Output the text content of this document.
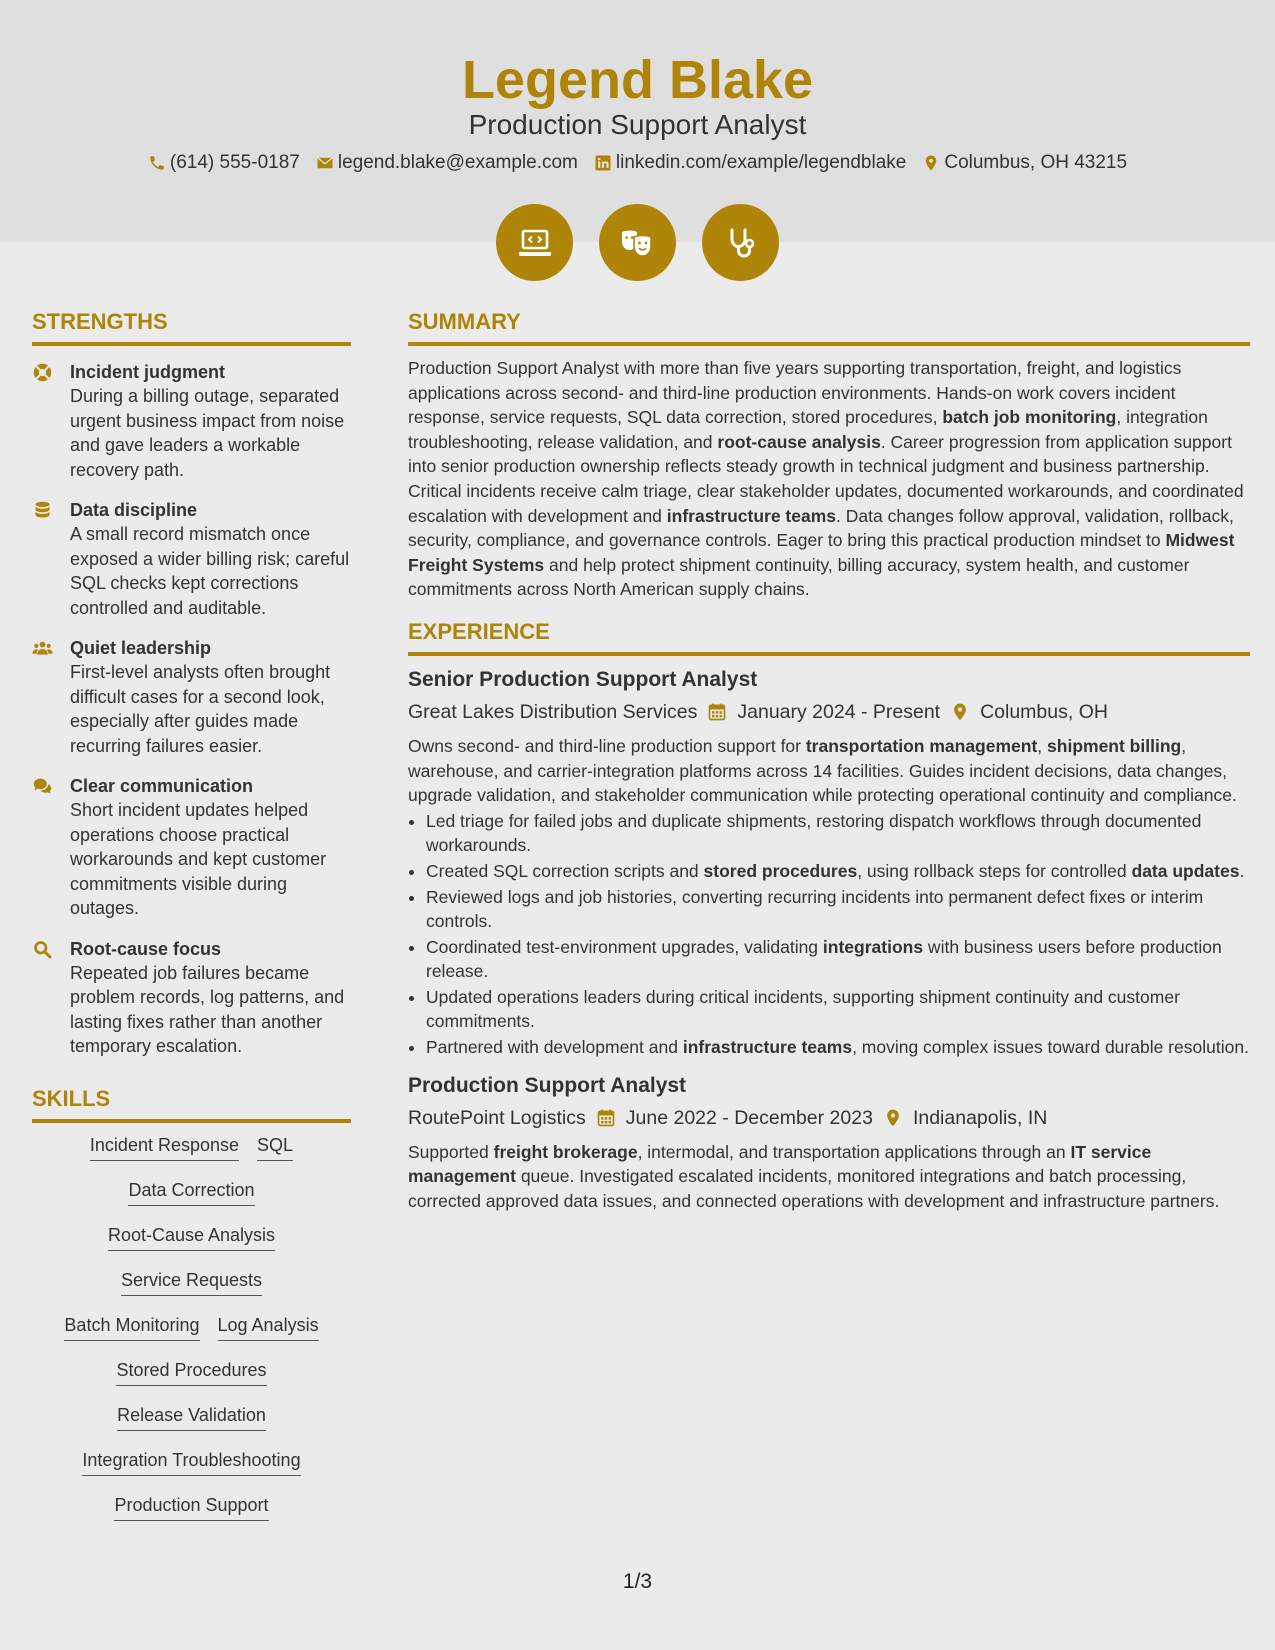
Legend Blake
Production Support Analyst
(614) 555-0187 legend.blake@example.com linkedin.com/example/legendblake Columbus, OH 43215
STRENGTHS
Incident judgment
During a billing outage, separated urgent business impact from noise and gave leaders a workable recovery path.
Data discipline
A small record mismatch once exposed a wider billing risk; careful SQL checks kept corrections controlled and auditable.
Quiet leadership
First-level analysts often brought difficult cases for a second look, especially after guides made recurring failures easier.
Clear communication
Short incident updates helped operations choose practical workarounds and kept customer commitments visible during outages.
Root-cause focus
Repeated job failures became problem records, log patterns, and lasting fixes rather than another temporary escalation.
SKILLS
Incident Response SQL
Data Correction
Root-Cause Analysis
Service Requests
Batch Monitoring Log Analysis
Stored Procedures
Release Validation
Integration Troubleshooting
Production Support
SUMMARY

Production Support Analyst with more than five years supporting transportation, freight, and logistics applications across second- and third-line production environments. Hands-on work covers incident response, service requests, SQL data correction, stored procedures, batch job monitoring, integration troubleshooting, release validation, and root-cause analysis. Career progression from application support into senior production ownership reflects steady growth in technical judgment and business partnership. Critical incidents receive calm triage, clear stakeholder updates, documented workarounds, and coordinated escalation with development and infrastructure teams. Data changes follow approval, validation, rollback, security, compliance, and governance controls. Eager to bring this practical production mindset to Midwest Freight Systems and help protect shipment continuity, billing accuracy, system health, and customer commitments across North American supply chains.

EXPERIENCE
Senior Production Support Analyst
Great Lakes Distribution Services January 2024 - Present Columbus, OH

Owns second- and third-line production support for transportation management, shipment billing, warehouse, and carrier-integration platforms across 14 facilities. Guides incident decisions, data changes, upgrade validation, and stakeholder communication while protecting operational continuity and compliance.

• Led triage for failed jobs and duplicate shipments, restoring dispatch workflows through documented workarounds.
• Created SQL correction scripts and stored procedures, using rollback steps for controlled data updates.
• Reviewed logs and job histories, converting recurring incidents into permanent defect fixes or interim controls.
• Coordinated test-environment upgrades, validating integrations with business users before production release.
• Updated operations leaders during critical incidents, supporting shipment continuity and customer commitments.
• Partnered with development and infrastructure teams, moving complex issues toward durable resolution.
Production Support Analyst
RoutePoint Logistics June 2022 - December 2023 Indianapolis, IN

Supported freight brokerage, intermodal, and transportation applications through an IT service management queue. Investigated escalated incidents, monitored integrations and batch processing, corrected approved data issues, and connected operations with development and infrastructure partners.

1/3
